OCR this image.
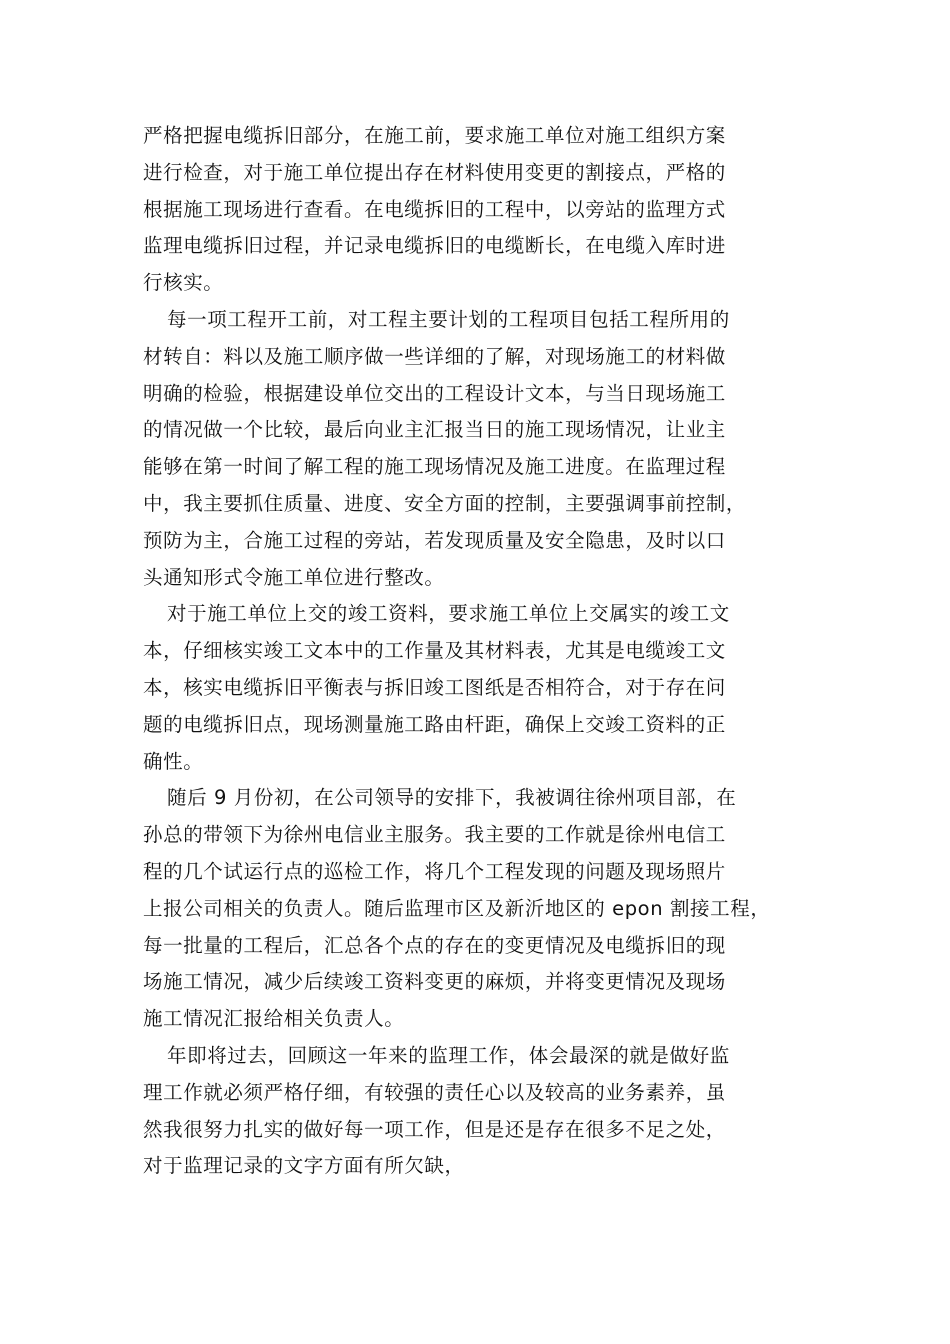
严格把握电缆拆旧部分，在施工前，要求施工单位对施工组织方案
进行检查，对于施工单位提出存在材料使用变更的割接点，严格的
根据施工现场进行查看。在电缆拆旧的工程中，以旁站的监理方式
监理电缆拆旧过程，并记录电缆拆旧的电缆断长，在电缆入库时进
行核实。
每一项工程开工前，对工程主要计划的工程项目包括工程所用的
材转自：料以及施工顺序做一些详细的了解，对现场施工的材料做
明确的检验，根据建设单位交出的工程设计文本，与当日现场施工
的情况做一个比较，最后向业主汇报当日的施工现场情况，让业主
能够在第一时间了解工程的施工现场情况及施工进度。在监理过程
中，我主要抓住质量、进度、安全方面的控制，主要强调事前控制，
预防为主，合施工过程的旁站，若发现质量及安全隐患，及时以口
头通知形式令施工单位进行整改。
对于施工单位上交的竣工资料，要求施工单位上交属实的竣工文
本，仔细核实竣工文本中的工作量及其材料表，尤其是电缆竣工文
本，核实电缆拆旧平衡表与拆旧竣工图纸是否相符合，对于存在问
题的电缆拆旧点，现场测量施工路由杆距，确保上交竣工资料的正
确性。
随后 9 月份初，在公司领导的安排下，我被调往徐州项目部，在
孙总的带领下为徐州电信业主服务。我主要的工作就是徐州电信工
程的几个试运行点的巡检工作，将几个工程发现的问题及现场照片
上报公司相关的负责人。随后监理市区及新沂地区的 epon 割接工程，
每一批量的工程后，汇总各个点的存在的变更情况及电缆拆旧的现
场施工情况，减少后续竣工资料变更的麻烦，并将变更情况及现场
施工情况汇报给相关负责人。
年即将过去，回顾这一年来的监理工作，体会最深的就是做好监
理工作就必须严格仔细，有较强的责任心以及较高的业务素养，虽
然我很努力扎实的做好每一项工作，但是还是存在很多不足之处，
对于监理记录的文字方面有所欠缺，
